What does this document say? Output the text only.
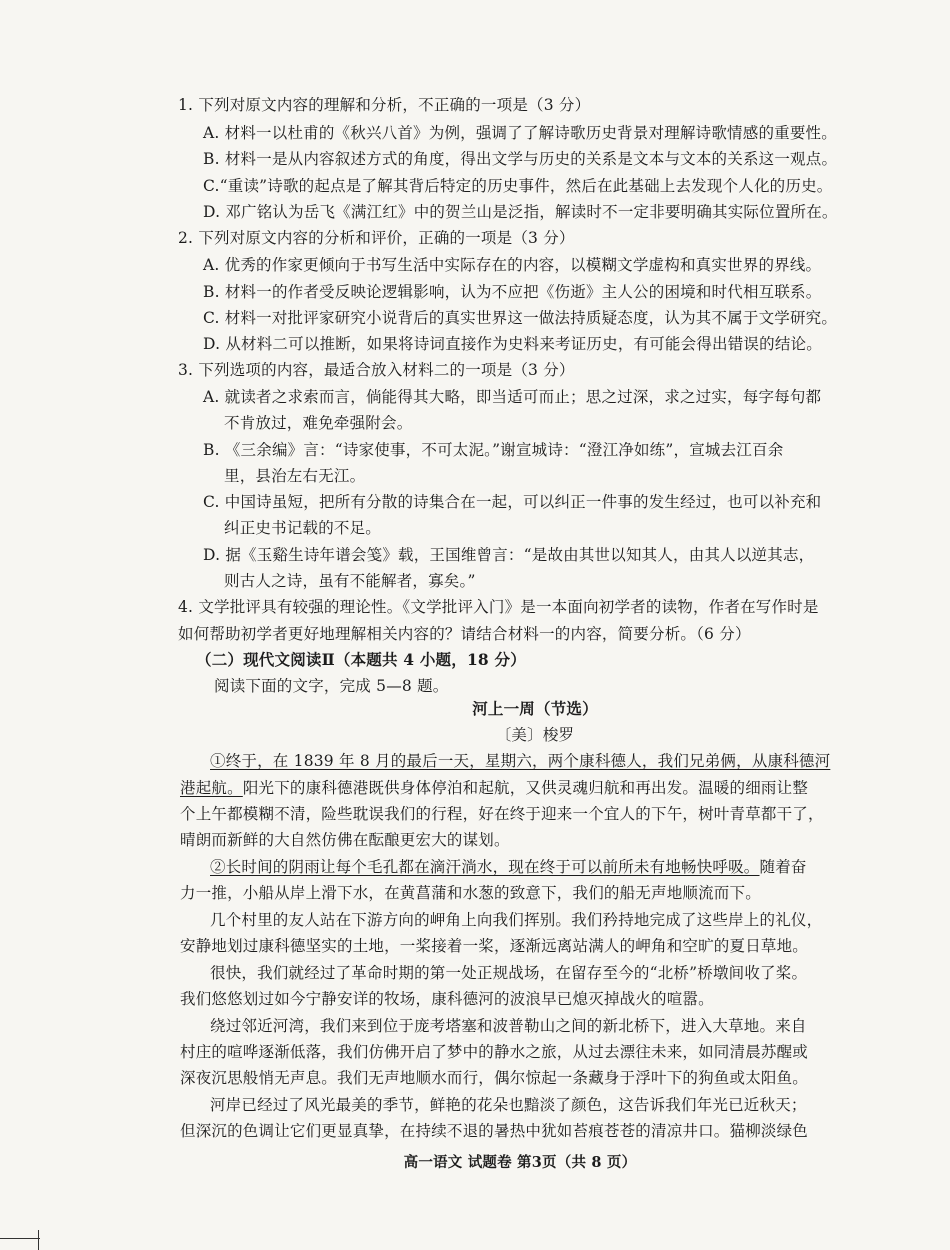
1. 下列对原文内容的理解和分析，不正确的一项是（3 分）
A. 材料一以杜甫的《秋兴八首》为例，强调了了解诗歌历史背景对理解诗歌情感的重要性。
B. 材料一是从内容叙述方式的角度，得出文学与历史的关系是文本与文本的关系这一观点。
C.“重读”诗歌的起点是了解其背后特定的历史事件，然后在此基础上去发现个人化的历史。
D. 邓广铭认为岳飞《满江红》中的贺兰山是泛指，解读时不一定非要明确其实际位置所在。
2. 下列对原文内容的分析和评价，正确的一项是（3 分）
A. 优秀的作家更倾向于书写生活中实际存在的内容，以模糊文学虚构和真实世界的界线。
B. 材料一的作者受反映论逻辑影响，认为不应把《伤逝》主人公的困境和时代相互联系。
C. 材料一对批评家研究小说背后的真实世界这一做法持质疑态度，认为其不属于文学研究。
D. 从材料二可以推断，如果将诗词直接作为史料来考证历史，有可能会得出错误的结论。
3. 下列选项的内容，最适合放入材料二的一项是（3 分）
A. 就读者之求索而言，倘能得其大略，即当适可而止；思之过深，求之过实，每字每句都
不肯放过，难免牵强附会。
B. 《三余编》言：“诗家使事，不可太泥。”谢宣城诗：“澄江净如练”，宣城去江百余
里，县治左右无江。
C. 中国诗虽短，把所有分散的诗集合在一起，可以纠正一件事的发生经过，也可以补充和
纠正史书记载的不足。
D. 据《玉谿生诗年谱会笺》载，王国维曾言：“是故由其世以知其人，由其人以逆其志，
则古人之诗，虽有不能解者，寡矣。”
4. 文学批评具有较强的理论性。《文学批评入门》是一本面向初学者的读物，作者在写作时是
如何帮助初学者更好地理解相关内容的？请结合材料一的内容，简要分析。（6 分）
（二）现代文阅读Ⅱ（本题共 4 小题，18 分）
阅读下面的文字，完成 5—8 题。
河上一周（节选）
〔美〕梭罗
①终于，在 1839 年 8 月的最后一天，星期六，两个康科德人，我们兄弟俩，从康科德河
港起航。阳光下的康科德港既供身体停泊和起航，又供灵魂归航和再出发。温暖的细雨让整
个上午都模糊不清，险些耽误我们的行程，好在终于迎来一个宜人的下午，树叶青草都干了，
晴朗而新鲜的大自然仿佛在酝酿更宏大的谋划。
②长时间的阴雨让每个毛孔都在滴汗淌水，现在终于可以前所未有地畅快呼吸。随着奋
力一推，小船从岸上滑下水，在黄菖蒲和水葱的致意下，我们的船无声地顺流而下。
几个村里的友人站在下游方向的岬角上向我们挥别。我们矜持地完成了这些岸上的礼仪，
安静地划过康科德坚实的土地，一桨接着一桨，逐渐远离站满人的岬角和空旷的夏日草地。
很快，我们就经过了革命时期的第一处正规战场，在留存至今的“北桥”桥墩间收了桨。
我们悠悠划过如今宁静安详的牧场，康科德河的波浪早已熄灭掉战火的喧嚣。
绕过邻近河湾，我们来到位于庞考塔塞和波普勒山之间的新北桥下，进入大草地。来自
村庄的喧哗逐渐低落，我们仿佛开启了梦中的静水之旅，从过去漂往未来，如同清晨苏醒或
深夜沉思般悄无声息。我们无声地顺水而行，偶尔惊起一条藏身于浮叶下的狗鱼或太阳鱼。
河岸已经过了风光最美的季节，鲜艳的花朵也黯淡了颜色，这告诉我们年光已近秋天；
但深沉的色调让它们更显真挚，在持续不退的暑热中犹如苔痕苍苍的清凉井口。猫柳淡绿色
高一语文 试题卷 第3页（共 8 页）
